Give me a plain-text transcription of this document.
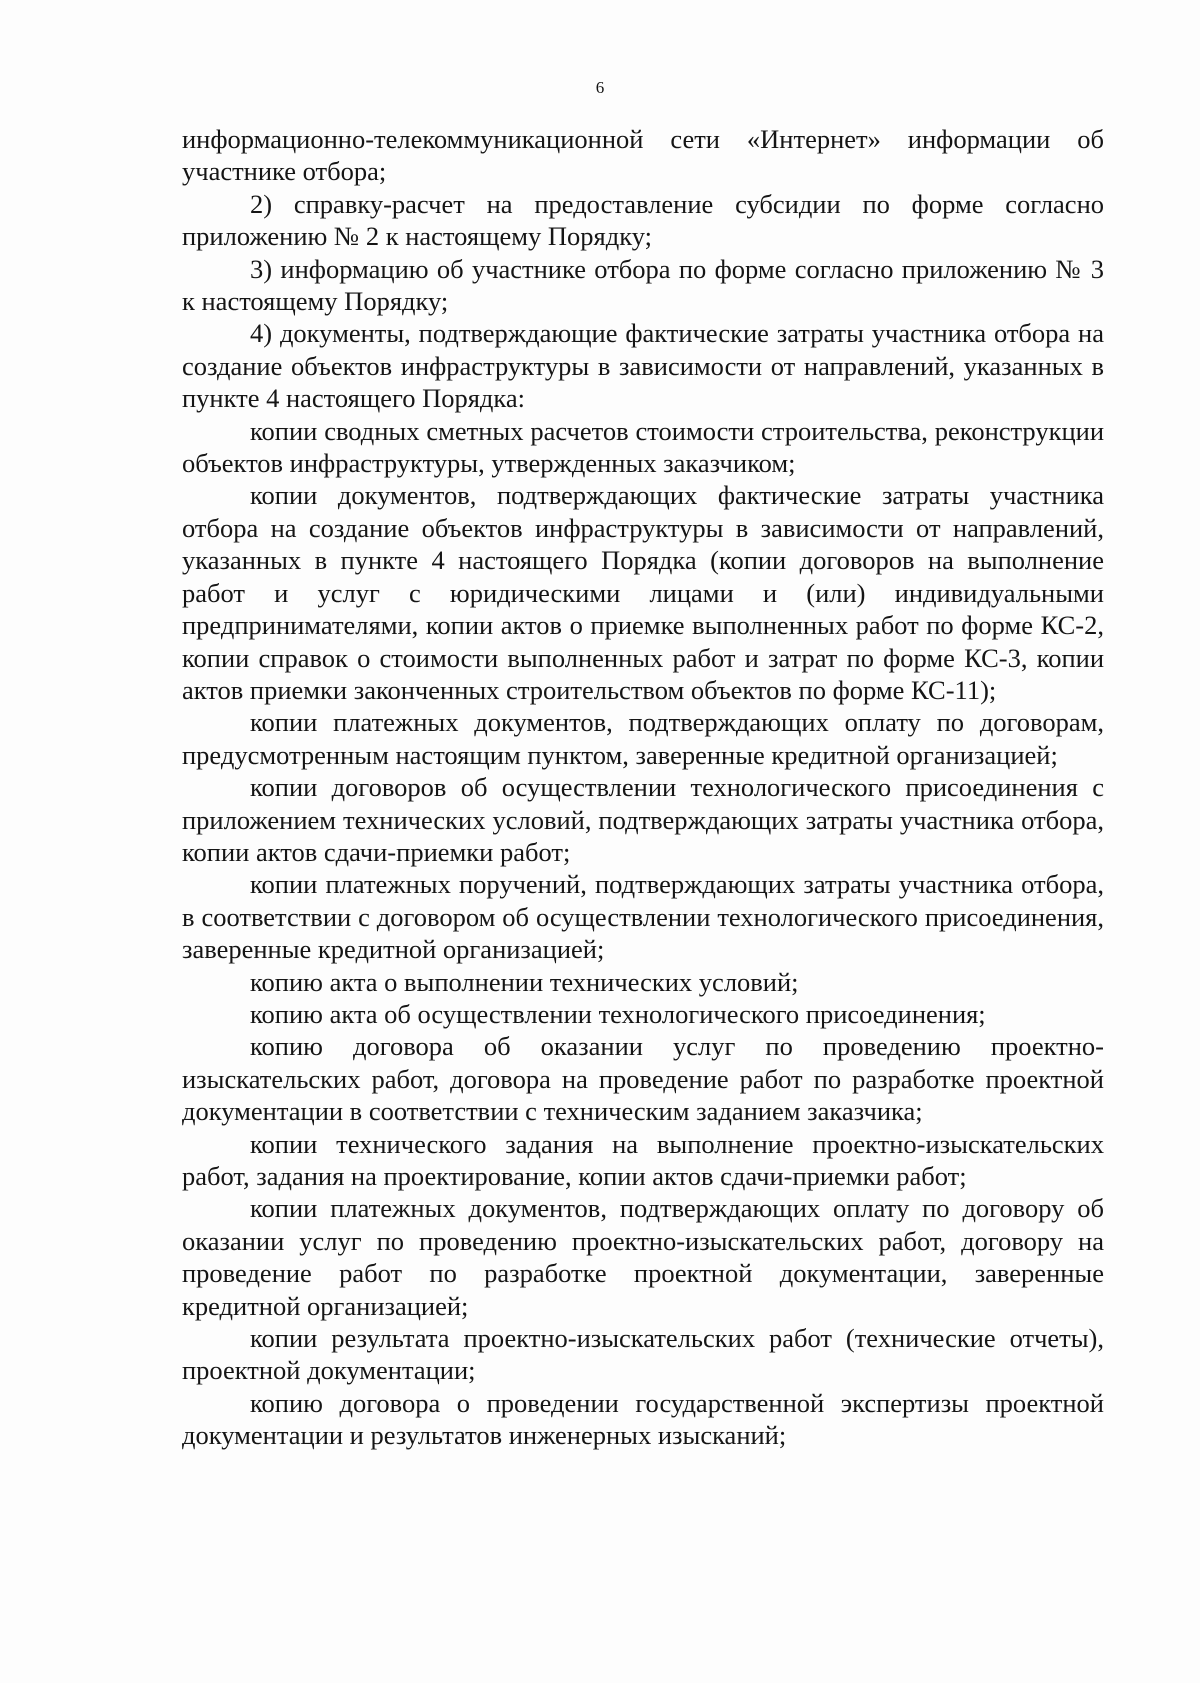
6

информационно-телекоммуникационной сети «Интернет» информации об участнике отбора;

2) справку-расчет на предоставление субсидии по форме согласно приложению № 2 к настоящему Порядку;

3) информацию об участнике отбора по форме согласно приложению № 3 к настоящему Порядку;

4) документы, подтверждающие фактические затраты участника отбора на создание объектов инфраструктуры в зависимости от направлений, указанных в пункте 4 настоящего Порядка:

копии сводных сметных расчетов стоимости строительства, реконструкции объектов инфраструктуры, утвержденных заказчиком;

копии документов, подтверждающих фактические затраты участника отбора на создание объектов инфраструктуры в зависимости от направлений, указанных в пункте 4 настоящего Порядка (копии договоров на выполнение работ и услуг с юридическими лицами и (или) индивидуальными предпринимателями, копии актов о приемке выполненных работ по форме КС-2, копии справок о стоимости выполненных работ и затрат по форме КС-3, копии актов приемки законченных строительством объектов по форме КС-11);

копии платежных документов, подтверждающих оплату по договорам, предусмотренным настоящим пунктом, заверенные кредитной организацией;

копии договоров об осуществлении технологического присоединения с приложением технических условий, подтверждающих затраты участника отбора, копии актов сдачи-приемки работ;

копии платежных поручений, подтверждающих затраты участника отбора, в соответствии с договором об осуществлении технологического присоединения, заверенные кредитной организацией;

копию акта о выполнении технических условий;

копию акта об осуществлении технологического присоединения;

копию договора об оказании услуг по проведению проектно-изыскательских работ, договора на проведение работ по разработке проектной документации в соответствии с техническим заданием заказчика;

копии технического задания на выполнение проектно-изыскательских работ, задания на проектирование, копии актов сдачи-приемки работ;

копии платежных документов, подтверждающих оплату по договору об оказании услуг по проведению проектно-изыскательских работ, договору на проведение работ по разработке проектной документации, заверенные кредитной организацией;

копии результата проектно-изыскательских работ (технические отчеты), проектной документации;

копию договора о проведении государственной экспертизы проектной документации и результатов инженерных изысканий;
